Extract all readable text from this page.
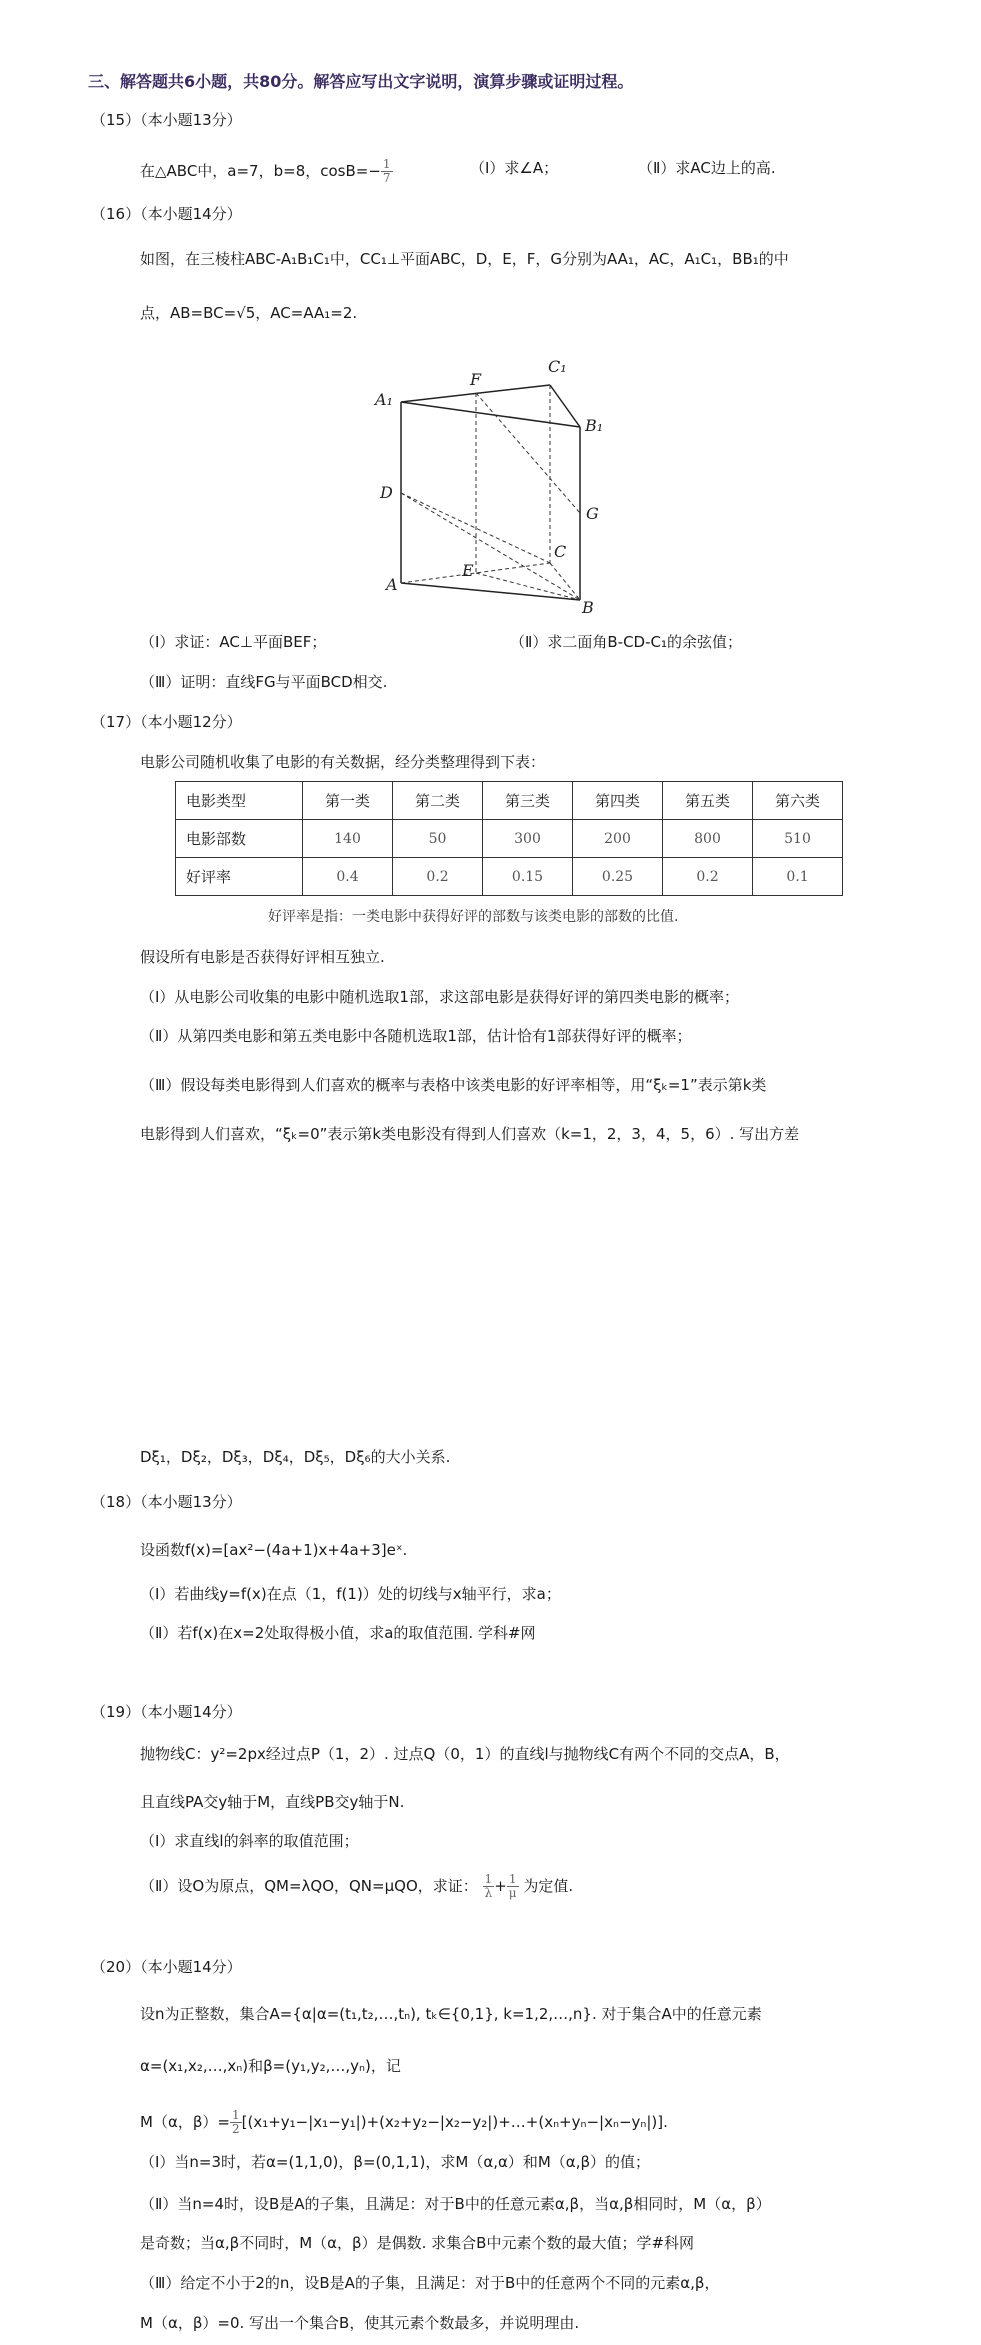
三、解答题共6小题，共80分。解答应写出文字说明，演算步骤或证明过程。
（15）（本小题13分）
在△ABC中，a=7，b=8，$\cos B=- \frac{1}{7}$	（Ⅰ）求∠A；	（Ⅱ）求AC边上的高.
（16）（本小题14分）
如图，在三棱柱ABC-A₁B₁C₁中，CC₁⊥平面ABC，D，E，F，G分别为AA₁，AC，A₁C₁，BB₁的中
点，AB=BC=√5，AC=AA₁=2.
A₁
F
C₁
B₁
D
G
C
E
A
B
（Ⅰ）求证：AC⊥平面BEF；	（Ⅱ）求二面角B-CD-C₁的余弦值；
（Ⅲ）证明：直线FG与平面BCD相交.
（17）（本小题12分）
电影公司随机收集了电影的有关数据，经分类整理得到下表：
电影类型	第一类	第二类	第三类	第四类	第五类	第六类
电影部数	140	50	300	200	800	510
好评率	0.4	0.2	0.15	0.25	0.2	0.1
好评率是指：一类电影中获得好评的部数与该类电影的部数的比值.
假设所有电影是否获得好评相互独立.
（Ⅰ）从电影公司收集的电影中随机选取1部，求这部电影是获得好评的第四类电影的概率；
（Ⅱ）从第四类电影和第五类电影中各随机选取1部，估计恰有1部获得好评的概率；
（Ⅲ）假设每类电影得到人们喜欢的概率与表格中该类电影的好评率相等，用“ξₖ=1”表示第k类
电影得到人们喜欢，“ξₖ=0”表示第k类电影没有得到人们喜欢（k=1，2，3，4，5，6）. 写出方差
Dξ₁，Dξ₂，Dξ₃，Dξ₄，Dξ₅，Dξ₆的大小关系.
（18）（本小题13分）
设函数f(x)=[ax²−(4a+1)x+4a+3]eˣ.
（Ⅰ）若曲线y=f(x)在点（1，f(1)）处的切线与x轴平行，求a；
（Ⅱ）若f(x)在x=2处取得极小值，求a的取值范围. 学科#网
（19）（本小题14分）
抛物线C：y²=2px经过点P（1，2）. 过点Q（0，1）的直线l与抛物线C有两个不同的交点A，B，
且直线PA交y轴于M，直线PB交y轴于N.
（Ⅰ）求直线l的斜率的取值范围；
（Ⅱ）设O为原点，QM=λQO，QN=μQO，求证： $\frac{1}{\lambda} + \frac{1}{\mu}$ 为定值.
（20）（本小题14分）
设n为正整数，集合A={α|α=(t₁,t₂,…,tₙ), tₖ∈{0,1}, k=1,2,…,n}. 对于集合A中的任意元素
α=(x₁,x₂,…,xₙ)和β=(y₁,y₂,…,yₙ)，记
M（α，$\beta)= \frac{1}{2}$ [(x₁+y₁−|x₁−y₁|)+(x₂+y₂−|x₂−y₂|)+…+(xₙ+yₙ−|xₙ−yₙ|)].
（Ⅰ）当n=3时，若α=(1,1,0)，β=(0,1,1)，求M（α,α）和M（α,β）的值；
（Ⅱ）当n=4时，设B是A的子集，且满足：对于B中的任意元素α,β，当α,β相同时，M（α，β）
是奇数；当α,β不同时，M（α，β）是偶数. 求集合B中元素个数的最大值；学#科网
（Ⅲ）给定不小于2的n，设B是A的子集，且满足：对于B中的任意两个不同的元素α,β，
M（α，β）=0. 写出一个集合B，使其元素个数最多，并说明理由.
